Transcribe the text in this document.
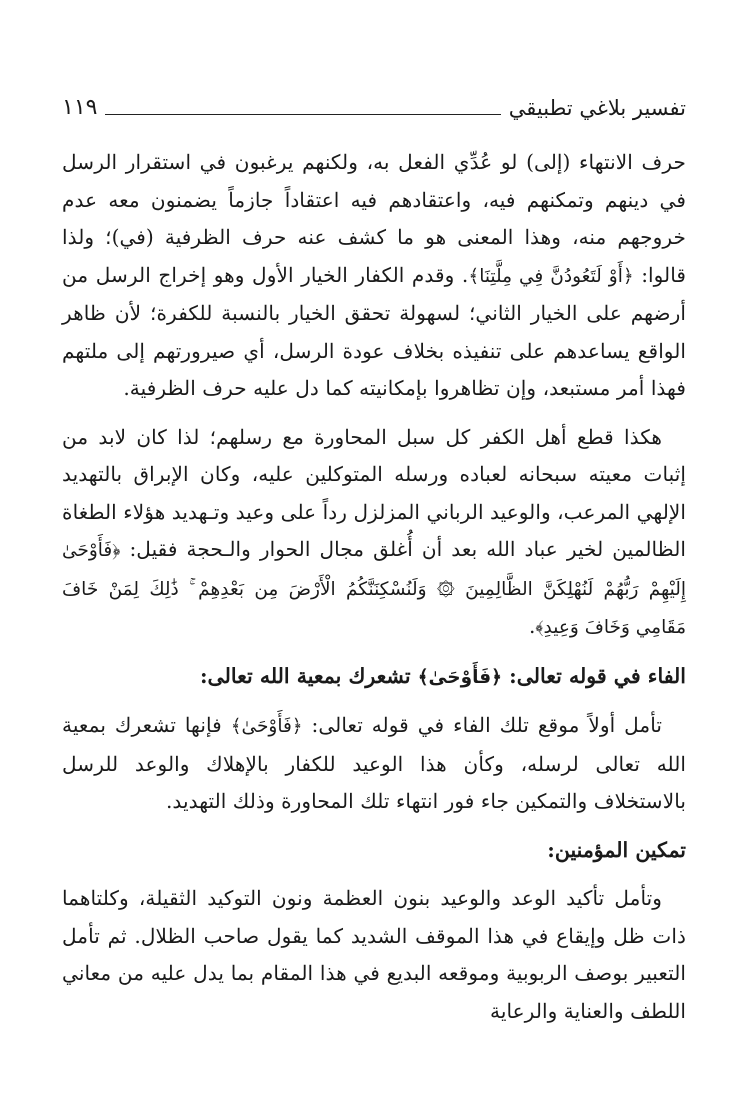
تفسير بلاغي تطبيقي
١١٩

حرف الانتهاء (إلى) لو عُدِّي الفعل به، ولكنهم يرغبون في استقرار الرسل في دينهم وتمكنهم فيه، واعتقادهم فيه اعتقاداً جازماً يضمنون معه عدم خروجهم منه، وهذا المعنى هو ما كشف عنه حرف الظرفية (في)؛ ولذا قالوا: ﴿أَوْ لَتَعُودُنَّ فِي مِلَّتِنَا﴾. وقدم الكفار الخيار الأول وهو إخراج الرسل من أرضهم على الخيار الثاني؛ لسهولة تحقق الخيار بالنسبة للكفرة؛ لأن ظاهر الواقع يساعدهم على تنفيذه بخلاف عودة الرسل، أي صيرورتهم إلى ملتهم فهذا أمر مستبعد، وإن تظاهروا بإمكانيته كما دل عليه حرف الظرفية.

هكذا قطع أهل الكفر كل سبل المحاورة مع رسلهم؛ لذا كان لابد من إثبات معيته سبحانه لعباده ورسله المتوكلين عليه، وكان الإبراق بالتهديد الإلهي المرعب، والوعيد الرباني المزلزل رداً على وعيد وتـهديد هؤلاء الطغاة الظالمين لخير عباد الله بعد أن أُغلق مجال الحوار والـحجة فقيل: ﴿فَأَوْحَىٰ إِلَيْهِمْ رَبُّهُمْ لَنُهْلِكَنَّ الظَّالِمِينَ ۞ وَلَنُسْكِنَنَّكُمُ الْأَرْضَ مِن بَعْدِهِمْ ۚ ذَٰلِكَ لِمَنْ خَافَ مَقَامِي وَخَافَ وَعِيدِ﴾.

الفاء في قوله تعالى: ﴿فَأَوْحَىٰ﴾ تشعرك بمعية الله تعالى:

تأمل أولاً موقع تلك الفاء في قوله تعالى: ﴿فَأَوْحَىٰ﴾ فإنها تشعرك بمعية الله تعالى لرسله، وكأن هذا الوعيد للكفار بالإهلاك والوعد للرسل بالاستخلاف والتمكين جاء فور انتهاء تلك المحاورة وذلك التهديد.

تمكين المؤمنين:

وتأمل تأكيد الوعد والوعيد بنون العظمة ونون التوكيد الثقيلة، وكلتاهما ذات ظل وإيقاع في هذا الموقف الشديد كما يقول صاحب الظلال. ثم تأمل التعبير بوصف الربوبية وموقعه البديع في هذا المقام بما يدل عليه من معاني اللطف والعناية والرعاية
